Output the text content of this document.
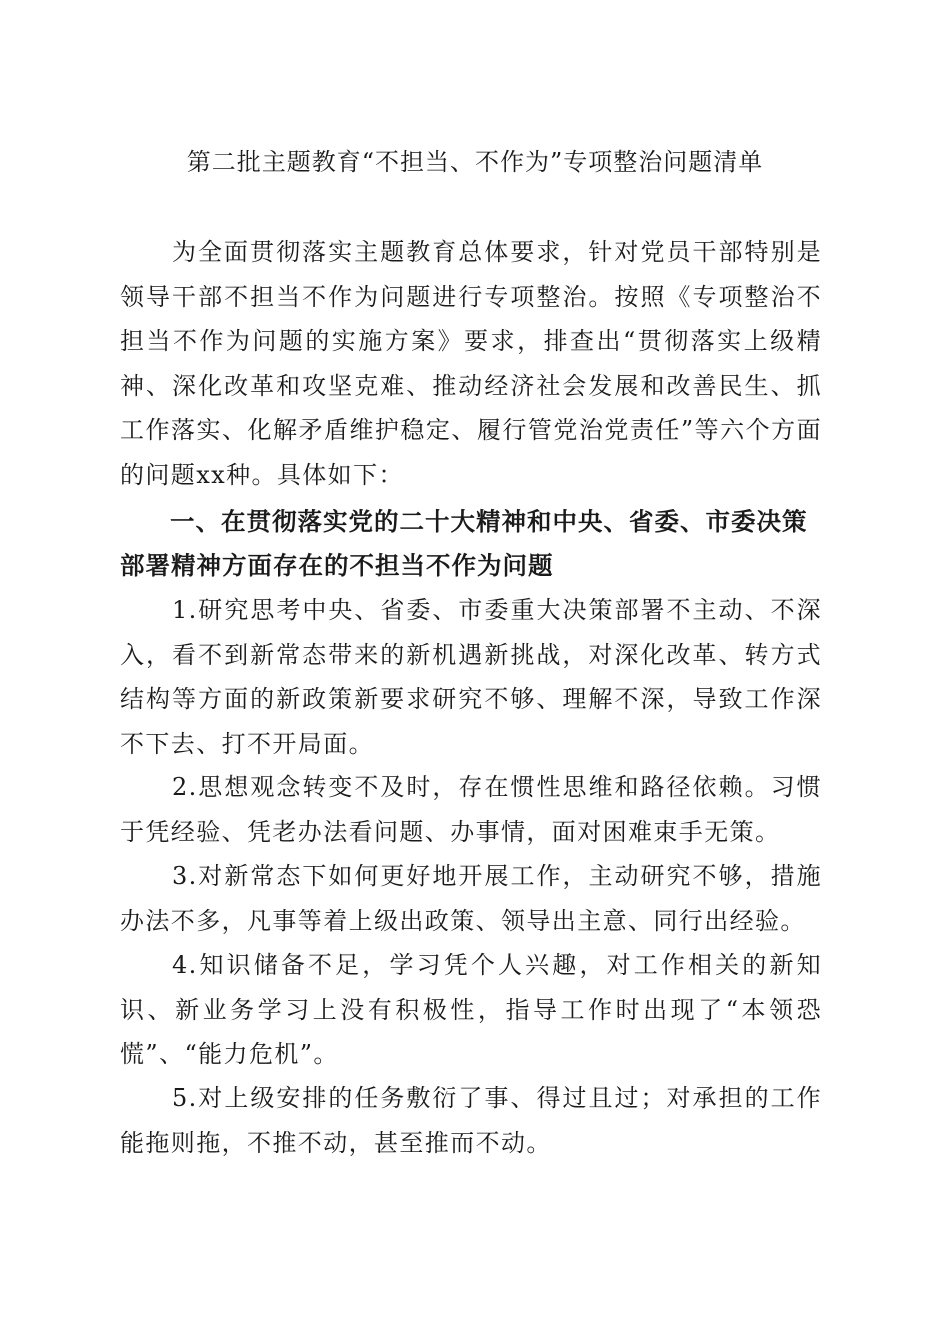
第二批主题教育“不担当、不作为”专项整治问题清单

为全面贯彻落实主题教育总体要求，针对党员干部特别是领导干部不担当不作为问题进行专项整治。按照《专项整治不担当不作为问题的实施方案》要求，排查出“贯彻落实上级精神、深化改革和攻坚克难、推动经济社会发展和改善民生、抓工作落实、化解矛盾维护稳定、履行管党治党责任”等六个方面的问题xx种。具体如下：

一、在贯彻落实党的二十大精神和中央、省委、市委决策部署精神方面存在的不担当不作为问题

1.研究思考中央、省委、市委重大决策部署不主动、不深入，看不到新常态带来的新机遇新挑战，对深化改革、转方式结构等方面的新政策新要求研究不够、理解不深，导致工作深不下去、打不开局面。

2.思想观念转变不及时，存在惯性思维和路径依赖。习惯于凭经验、凭老办法看问题、办事情，面对困难束手无策。

3.对新常态下如何更好地开展工作，主动研究不够，措施办法不多，凡事等着上级出政策、领导出主意、同行出经验。

4.知识储备不足，学习凭个人兴趣，对工作相关的新知识、新业务学习上没有积极性，指导工作时出现了“本领恐慌”、“能力危机”。

5.对上级安排的任务敷衍了事、得过且过；对承担的工作能拖则拖，不推不动，甚至推而不动。
